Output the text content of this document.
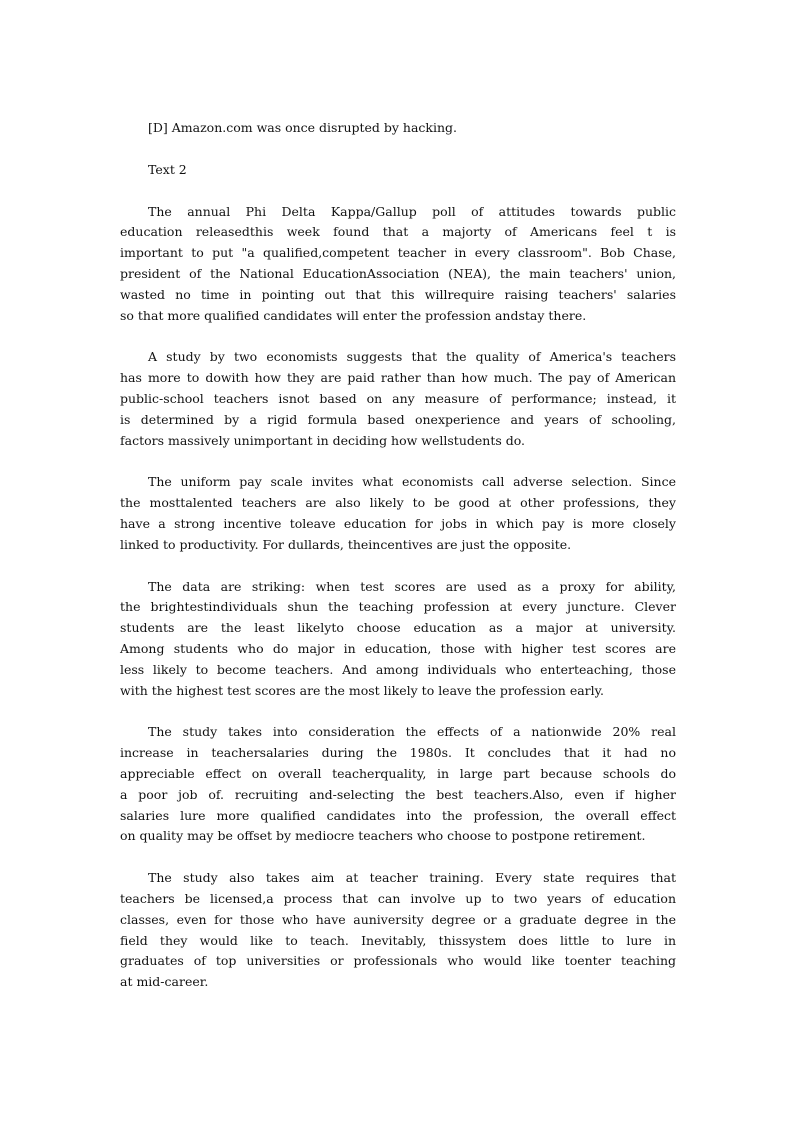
[D] Amazon.com was once disrupted by hacking.
Text 2
The annual Phi Delta Kappa/Gallup poll of attitudes towards public
education releasedthis week found that a majorty of Americans feel t is
important to put "a qualified,competent teacher in every classroom". Bob Chase,
president of the National EducationAssociation (NEA), the main teachers' union,
wasted no time in pointing out that this willrequire raising teachers' salaries
so that more qualified candidates will enter the profession andstay there.
A study by two economists suggests that the quality of America's teachers
has more to dowith how they are paid rather than how much. The pay of American
public-school teachers isnot based on any measure of performance; instead, it
is determined by a rigid formula based onexperience and years of schooling,
factors massively unimportant in deciding how wellstudents do.
The uniform pay scale invites what economists call adverse selection. Since
the mosttalented teachers are also likely to be good at other professions, they
have a strong incentive toleave education for jobs in which pay is more closely
linked to productivity. For dullards, theincentives are just the opposite.
The data are striking: when test scores are used as a proxy for ability,
the brightestindividuals shun the teaching profession at every juncture. Clever
students are the least likelyto choose education as a major at university.
Among students who do major in education, those with higher test scores are
less likely to become teachers. And among individuals who enterteaching, those
with the highest test scores are the most likely to leave the profession early.
The study takes into consideration the effects of a nationwide 20% real
increase in teachersalaries during the 1980s. It concludes that it had no
appreciable effect on overall teacherquality, in large part because schools do
a poor job of. recruiting and-selecting the best teachers.Also, even if higher
salaries lure more qualified candidates into the profession, the overall effect
on quality may be offset by mediocre teachers who choose to postpone retirement.
The study also takes aim at teacher training. Every state requires that
teachers be licensed,a process that can involve up to two years of education
classes, even for those who have auniversity degree or a graduate degree in the
field they would like to teach. Inevitably, thissystem does little to lure in
graduates of top universities or professionals who would like toenter teaching
at mid-career.
